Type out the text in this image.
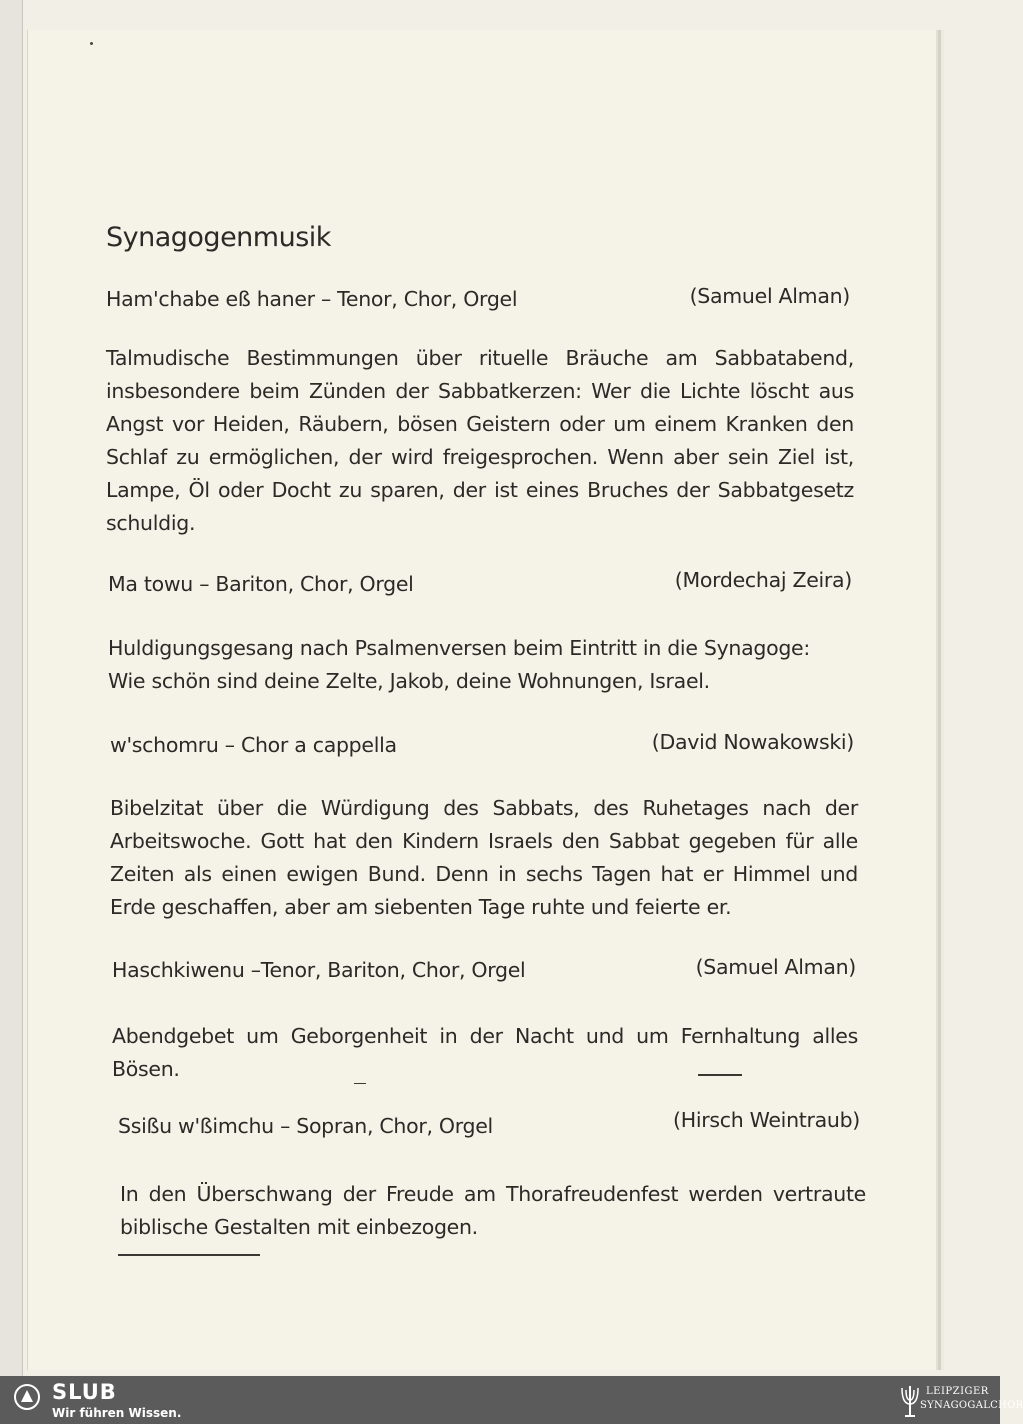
Synagogenmusik
Ham'chabe eß haner – Tenor, Chor, Orgel	(Samuel Alman)
Talmudische Bestimmungen über rituelle Bräuche am Sabbatabend, insbesondere beim Zünden der Sabbatkerzen: Wer die Lichte löscht aus Angst vor Heiden, Räubern, bösen Geistern oder um einem Kranken den Schlaf zu ermöglichen, der wird freigesprochen. Wenn aber sein Ziel ist, Lampe, Öl oder Docht zu sparen, der ist eines Bruches der Sabbatgesetz schuldig.
Ma towu – Bariton, Chor, Orgel	(Mordechaj Zeira)
Huldigungsgesang nach Psalmenversen beim Eintritt in die Synagoge:
Wie schön sind deine Zelte, Jakob, deine Wohnungen, Israel.
w'schomru – Chor a cappella	(David Nowakowski)
Bibelzitat über die Würdigung des Sabbats, des Ruhetages nach der Arbeitswoche. Gott hat den Kindern Israels den Sabbat gegeben für alle Zeiten als einen ewigen Bund. Denn in sechs Tagen hat er Himmel und Erde geschaffen, aber am siebenten Tage ruhte und feierte er.
Haschkiwenu –Tenor, Bariton, Chor, Orgel	(Samuel Alman)
Abendgebet um Geborgenheit in der Nacht und um Fernhaltung alles Bösen.
Ssißu w'ßimchu – Sopran, Chor, Orgel	(Hirsch Weintraub)
In den Überschwang der Freude am Thorafreudenfest werden vertraute biblische Gestalten mit einbezogen.
SLUB
Wir führen Wissen.
LEIPZIGER
SYNAGOGALCHOR
